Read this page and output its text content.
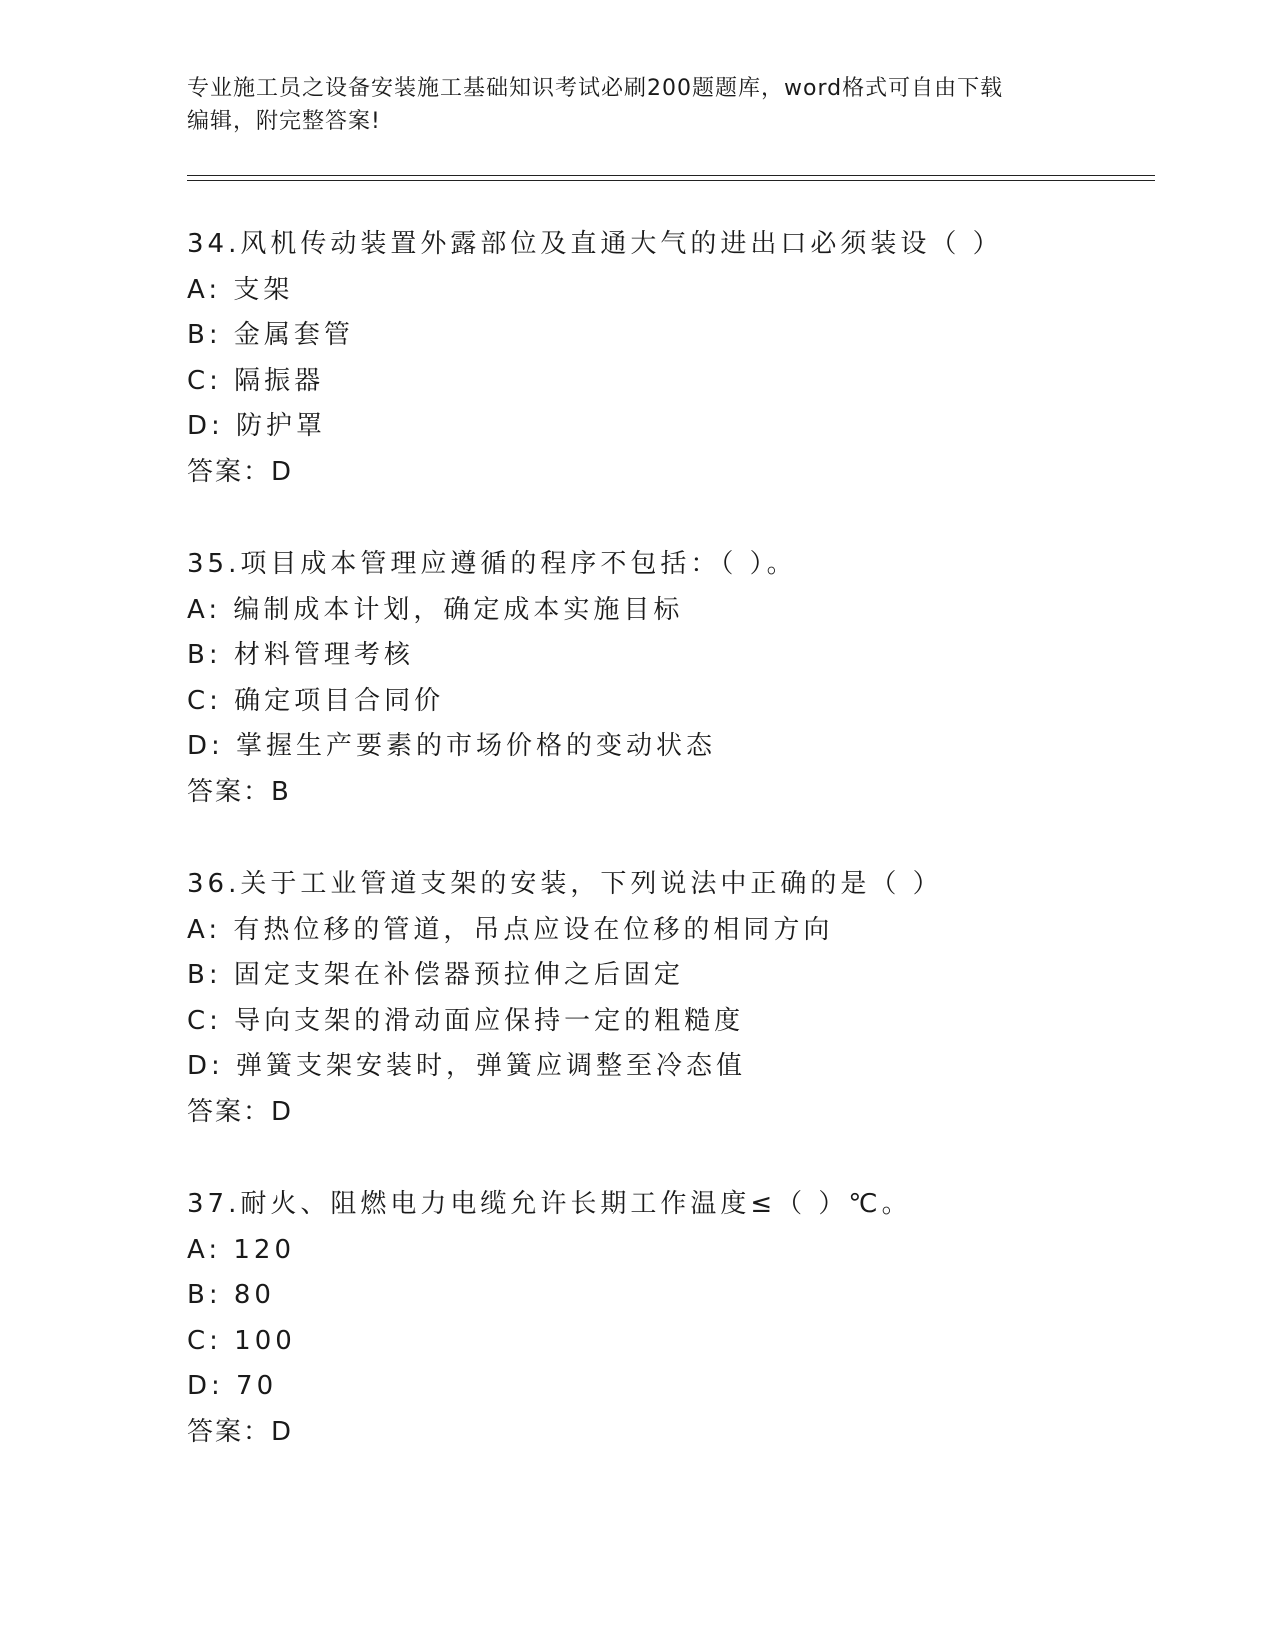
专业施工员之设备安装施工基础知识考试必刷200题题库，word格式可自由下载
编辑，附完整答案!
34.风机传动装置外露部位及直通大气的进出口必须装设（ ）
A: 支架
B: 金属套管
C: 隔振器
D: 防护罩
答案：D
35.项目成本管理应遵循的程序不包括：（ ）。
A: 编制成本计划，确定成本实施目标
B: 材料管理考核
C: 确定项目合同价
D: 掌握生产要素的市场价格的变动状态
答案：B
36.关于工业管道支架的安装，下列说法中正确的是（ ）
A: 有热位移的管道，吊点应设在位移的相同方向
B: 固定支架在补偿器预拉伸之后固定
C: 导向支架的滑动面应保持一定的粗糙度
D: 弹簧支架安装时，弹簧应调整至冷态值
答案：D
37.耐火、阻燃电力电缆允许长期工作温度≤（ ）℃。
A: 120
B: 80
C: 100
D: 70
答案：D
